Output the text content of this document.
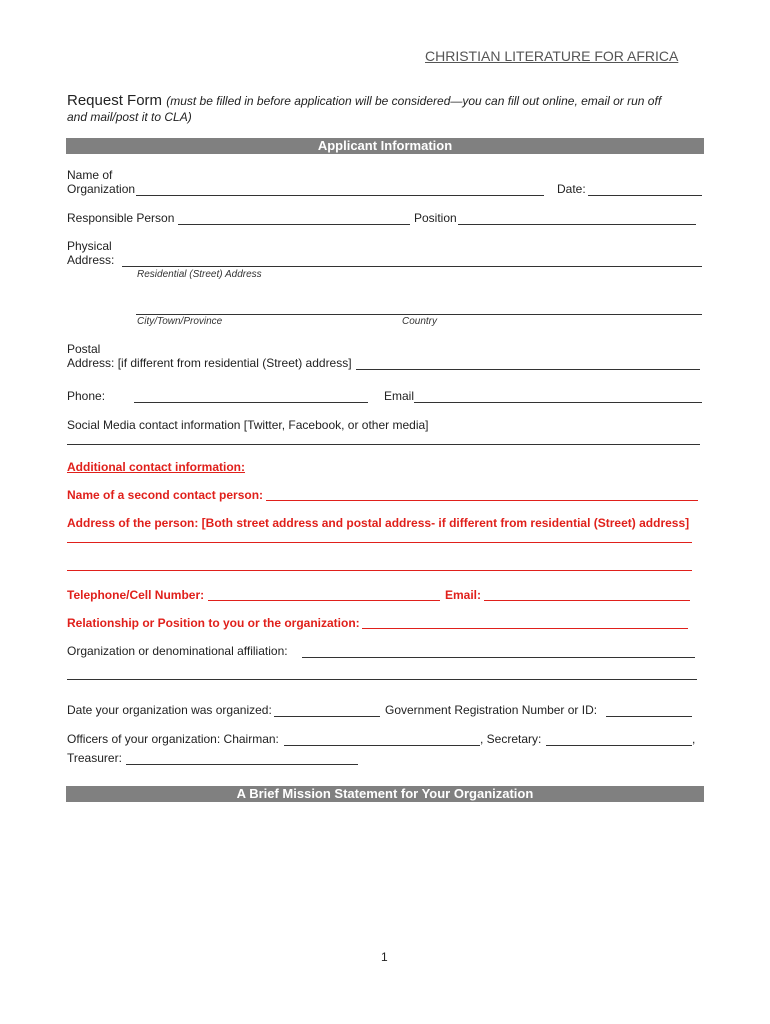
CHRISTIAN LITERATURE FOR AFRICA
Request Form (must be filled in before application will be considered—you can fill out online, email or run off
and mail/post it to CLA)
Applicant Information
Name of
Organization	Date:
Responsible Person	Position
Physical
Address:
Residential (Street) Address
City/Town/Province	Country
Postal
Address: [if different from residential (Street) address]
Phone:	Email
Social Media contact information [Twitter, Facebook, or other media]
Additional contact information:
Name of a second contact person:
Address of the person: [Both street address and postal address- if different from residential (Street) address]
Telephone/Cell Number:	Email:
Relationship or Position to you or the organization:
Organization or denominational affiliation:
Date your organization was organized:	Government Registration Number or ID:
Officers of your organization: Chairman:	, Secretary:	,
Treasurer:
A Brief Mission Statement for Your Organization
1
